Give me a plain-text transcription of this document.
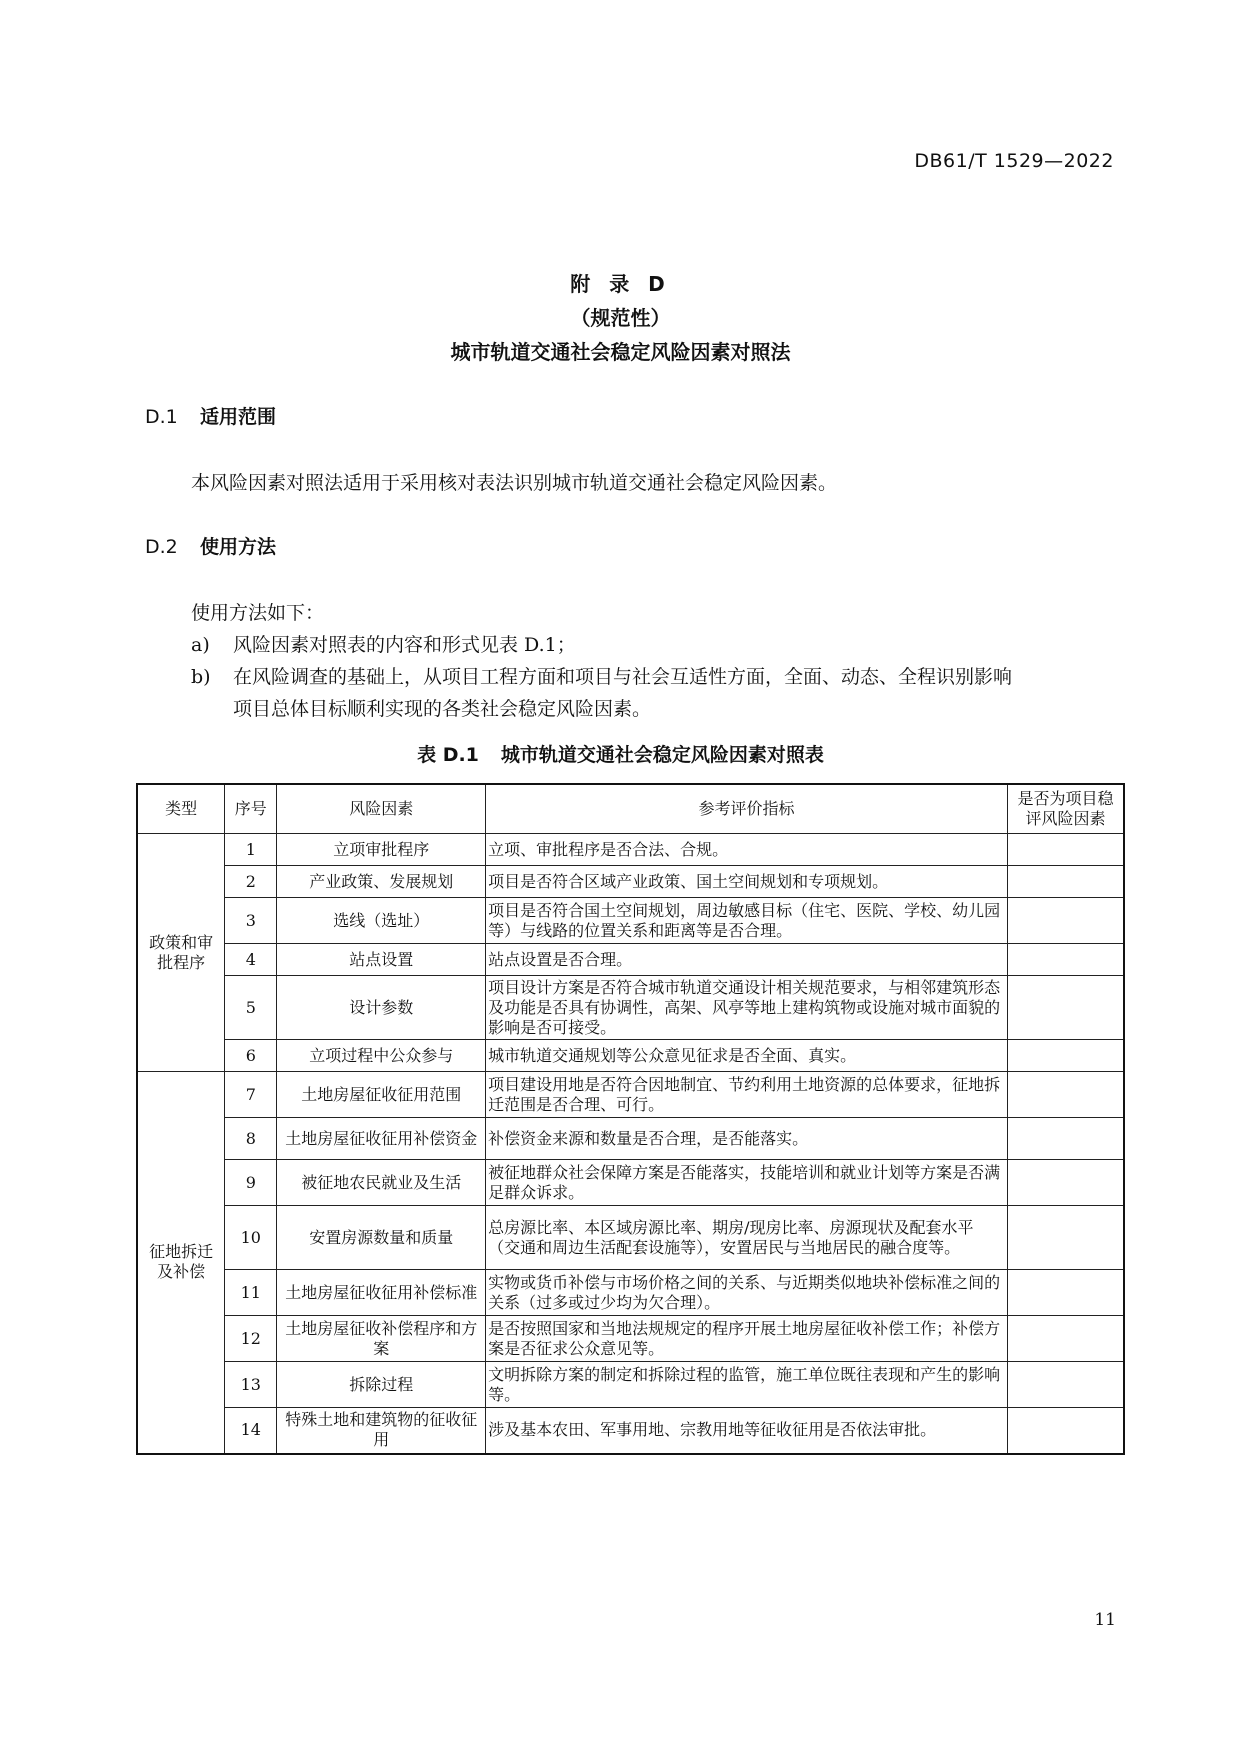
DB61/T 1529—2022
附 录 D
（规范性）
城市轨道交通社会稳定风险因素对照法
D.1 适用范围
本风险因素对照法适用于采用核对表法识别城市轨道交通社会稳定风险因素。
D.2 使用方法
使用方法如下：
a) 风险因素对照表的内容和形式见表 D.1；
b) 在风险调查的基础上，从项目工程方面和项目与社会互适性方面，全面、动态、全程识别影响
项目总体目标顺利实现的各类社会稳定风险因素。
表 D.1 城市轨道交通社会稳定风险因素对照表
类型	序号	风险因素	参考评价指标	是否为项目稳
评风险因素
政策和审
批程序	1	立项审批程序	立项、审批程序是否合法、合规。	
	2	产业政策、发展规划	项目是否符合区域产业政策、国土空间规划和专项规划。	
	3	选线（选址）	项目是否符合国土空间规划，周边敏感目标（住宅、医院、学校、幼儿园等）与线路的位置关系和距离等是否合理。	
	4	站点设置	站点设置是否合理。	
	5	设计参数	项目设计方案是否符合城市轨道交通设计相关规范要求，与相邻建筑形态及功能是否具有协调性，高架、风亭等地上建构筑物或设施对城市面貌的影响是否可接受。	
	6	立项过程中公众参与	城市轨道交通规划等公众意见征求是否全面、真实。	
征地拆迁
及补偿	7	土地房屋征收征用范围	项目建设用地是否符合因地制宜、节约利用土地资源的总体要求，征地拆迁范围是否合理、可行。	
	8	土地房屋征收征用补偿资金	补偿资金来源和数量是否合理，是否能落实。	
	9	被征地农民就业及生活	被征地群众社会保障方案是否能落实，技能培训和就业计划等方案是否满足群众诉求。	
	10	安置房源数量和质量	总房源比率、本区域房源比率、期房/现房比率、房源现状及配套水平（交通和周边生活配套设施等），安置居民与当地居民的融合度等。	
	11	土地房屋征收征用补偿标准	实物或货币补偿与市场价格之间的关系、与近期类似地块补偿标准之间的关系（过多或过少均为欠合理）。	
	12	土地房屋征收补偿程序和方案	是否按照国家和当地法规规定的程序开展土地房屋征收补偿工作；补偿方案是否征求公众意见等。	
	13	拆除过程	文明拆除方案的制定和拆除过程的监管，施工单位既往表现和产生的影响等。	
	14	特殊土地和建筑物的征收征用	涉及基本农田、军事用地、宗教用地等征收征用是否依法审批。	
11
